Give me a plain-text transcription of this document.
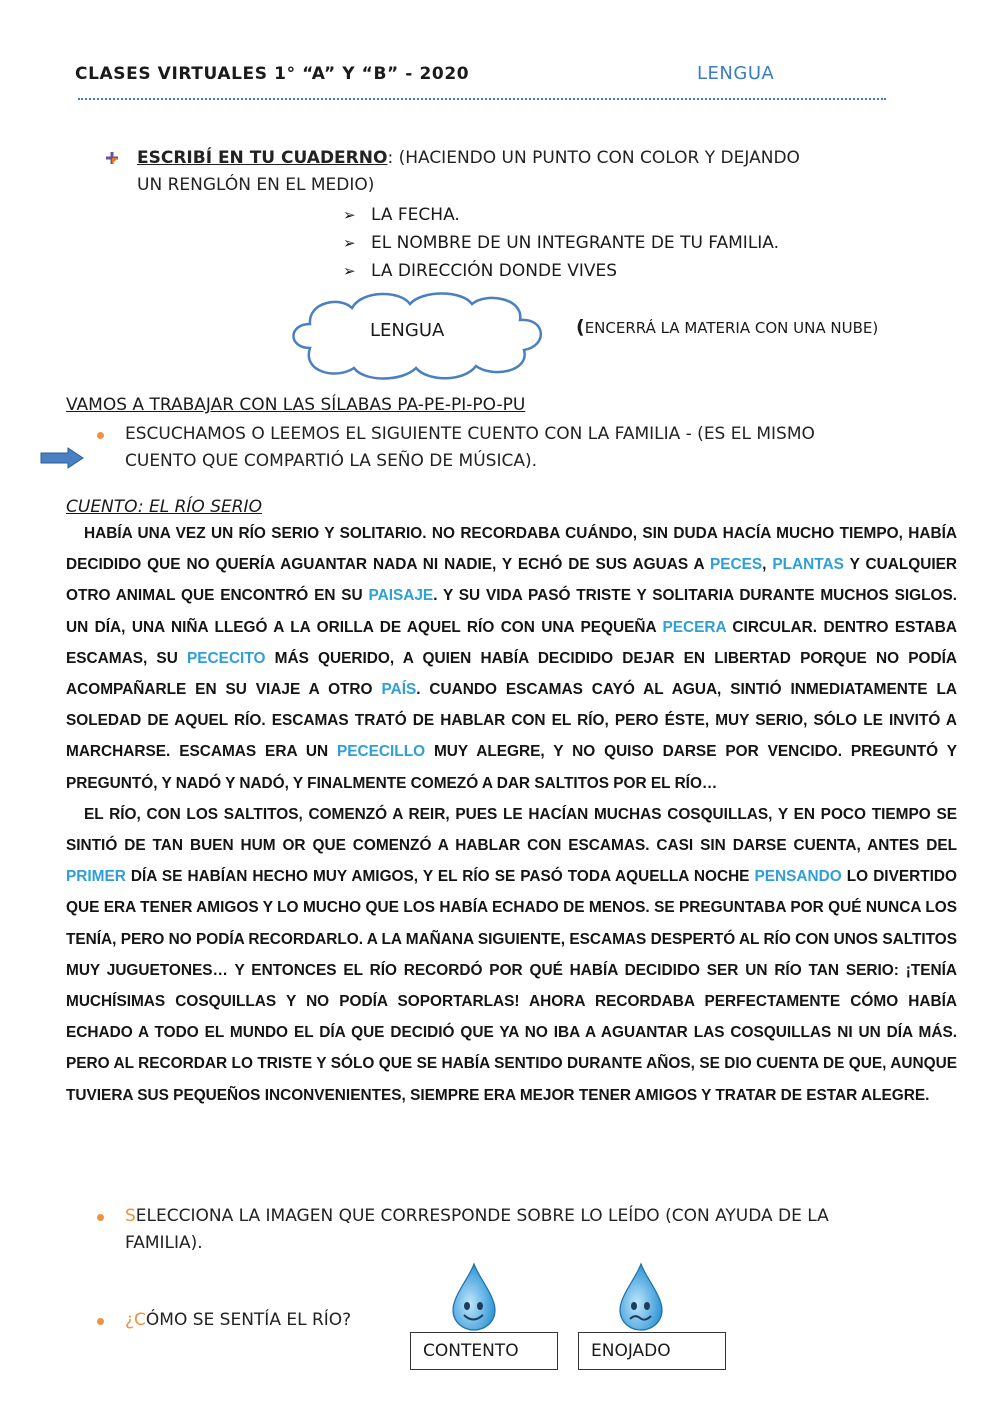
CLASES VIRTUALES 1° “A” Y “B” - 2020	LENGUA
ESCRIBÍ EN TU CUADERNO: (HACIENDO UN PUNTO CON COLOR Y DEJANDO
UN RENGLÓN EN EL MEDIO)
➢ LA FECHA.
➢ EL NOMBRE DE UN INTEGRANTE DE TU FAMILIA.
➢ LA DIRECCIÓN DONDE VIVES
LENGUA	(ENCERRÁ LA MATERIA CON UNA NUBE)
VAMOS A TRABAJAR CON LAS SÍLABAS PA-PE-PI-PO-PU
ESCUCHAMOS O LEEMOS EL SIGUIENTE CUENTO CON LA FAMILIA - (ES EL MISMO
CUENTO QUE COMPARTIÓ LA SEÑO DE MÚSICA).
CUENTO: EL RÍO SERIO

HABÍA UNA VEZ UN RÍO SERIO Y SOLITARIO. NO RECORDABA CUÁNDO, SIN DUDA HACÍA MUCHO TIEMPO, HABÍA DECIDIDO QUE NO QUERÍA AGUANTAR NADA NI NADIE, Y ECHÓ DE SUS AGUAS A PECES, PLANTAS Y CUALQUIER OTRO ANIMAL QUE ENCONTRÓ EN SU PAISAJE. Y SU VIDA PASÓ TRISTE Y SOLITARIA DURANTE MUCHOS SIGLOS. UN DÍA, UNA NIÑA LLEGÓ A LA ORILLA DE AQUEL RÍO CON UNA PEQUEÑA PECERA CIRCULAR. DENTRO ESTABA ESCAMAS, SU PECECITO MÁS QUERIDO, A QUIEN HABÍA DECIDIDO DEJAR EN LIBERTAD PORQUE NO PODÍA ACOMPAÑARLE EN SU VIAJE A OTRO PAÍS. CUANDO ESCAMAS CAYÓ AL AGUA, SINTIÓ INMEDIATAMENTE LA SOLEDAD DE AQUEL RÍO. ESCAMAS TRATÓ DE HABLAR CON EL RÍO, PERO ÉSTE, MUY SERIO, SÓLO LE INVITÓ A MARCHARSE. ESCAMAS ERA UN PECECILLO MUY ALEGRE, Y NO QUISO DARSE POR VENCIDO. PREGUNTÓ Y PREGUNTÓ, Y NADÓ Y NADÓ, Y FINALMENTE COMEZÓ A DAR SALTITOS POR EL RÍO…

EL RÍO, CON LOS SALTITOS, COMENZÓ A REIR, PUES LE HACÍAN MUCHAS COSQUILLAS, Y EN POCO TIEMPO SE SINTIÓ DE TAN BUEN HUM OR QUE COMENZÓ A HABLAR CON ESCAMAS. CASI SIN DARSE CUENTA, ANTES DEL PRIMER DÍA SE HABÍAN HECHO MUY AMIGOS, Y EL RÍO SE PASÓ TODA AQUELLA NOCHE PENSANDO LO DIVERTIDO QUE ERA TENER AMIGOS Y LO MUCHO QUE LOS HABÍA ECHADO DE MENOS. SE PREGUNTABA POR QUÉ NUNCA LOS TENÍA, PERO NO PODÍA RECORDARLO. A LA MAÑANA SIGUIENTE, ESCAMAS DESPERTÓ AL RÍO CON UNOS SALTITOS MUY JUGUETONES… Y ENTONCES EL RÍO RECORDÓ POR QUÉ HABÍA DECIDIDO SER UN RÍO TAN SERIO: ¡TENÍA MUCHÍSIMAS COSQUILLAS Y NO PODÍA SOPORTARLAS! AHORA RECORDABA PERFECTAMENTE CÓMO HABÍA ECHADO A TODO EL MUNDO EL DÍA QUE DECIDIÓ QUE YA NO IBA A AGUANTAR LAS COSQUILLAS NI UN DÍA MÁS. PERO AL RECORDAR LO TRISTE Y SÓLO QUE SE HABÍA SENTIDO DURANTE AÑOS, SE DIO CUENTA DE QUE, AUNQUE TUVIERA SUS PEQUEÑOS INCONVENIENTES, SIEMPRE ERA MEJOR TENER AMIGOS Y TRATAR DE ESTAR ALEGRE.

SELECCIONA LA IMAGEN QUE CORRESPONDE SOBRE LO LEÍDO (CON AYUDA DE LA
FAMILIA).
¿CÓMO SE SENTÍA EL RÍO?
CONTENTO	ENOJADO
